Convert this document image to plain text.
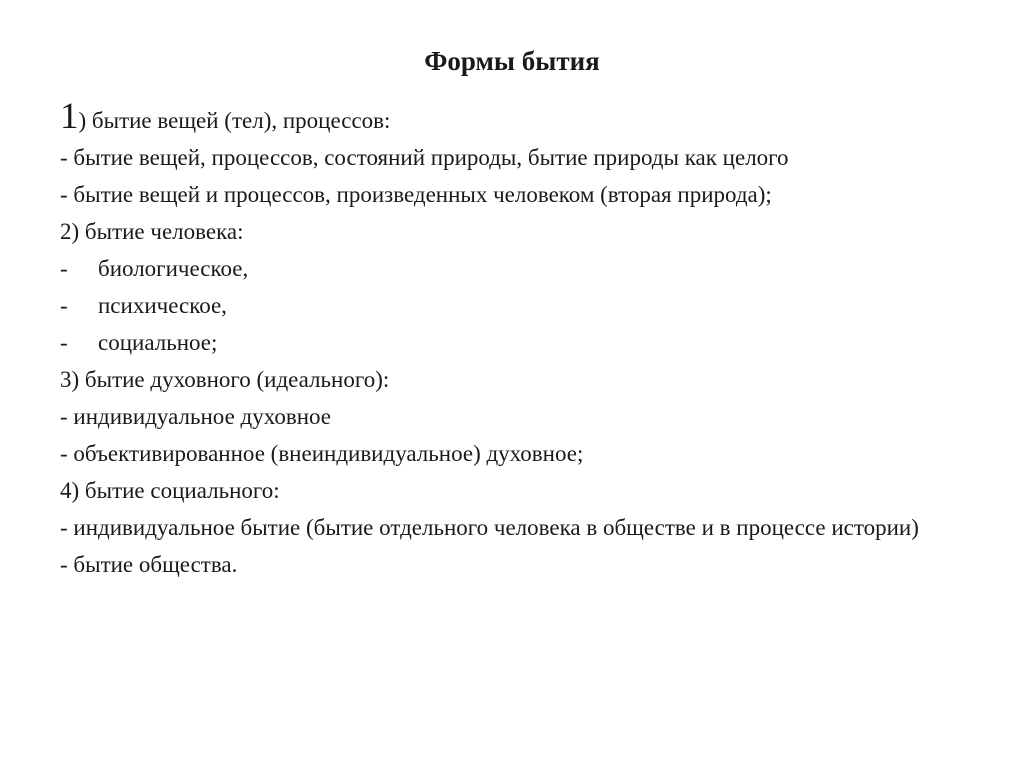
Формы бытия
1) бытие вещей (тел), процессов:
- бытие вещей, процессов, состояний природы, бытие природы как целого
- бытие вещей и процессов, произведенных человеком (вторая природа);
2) бытие человека:
-	биологическое,
-	психическое,
-	социальное;
3) бытие духовного (идеального):
- индивидуальное духовное
- объективированное (внеиндивидуальное) духовное;
4) бытие социального:
- индивидуальное бытие (бытие отдельного человека в обществе и в процессе истории)
- бытие общества.
